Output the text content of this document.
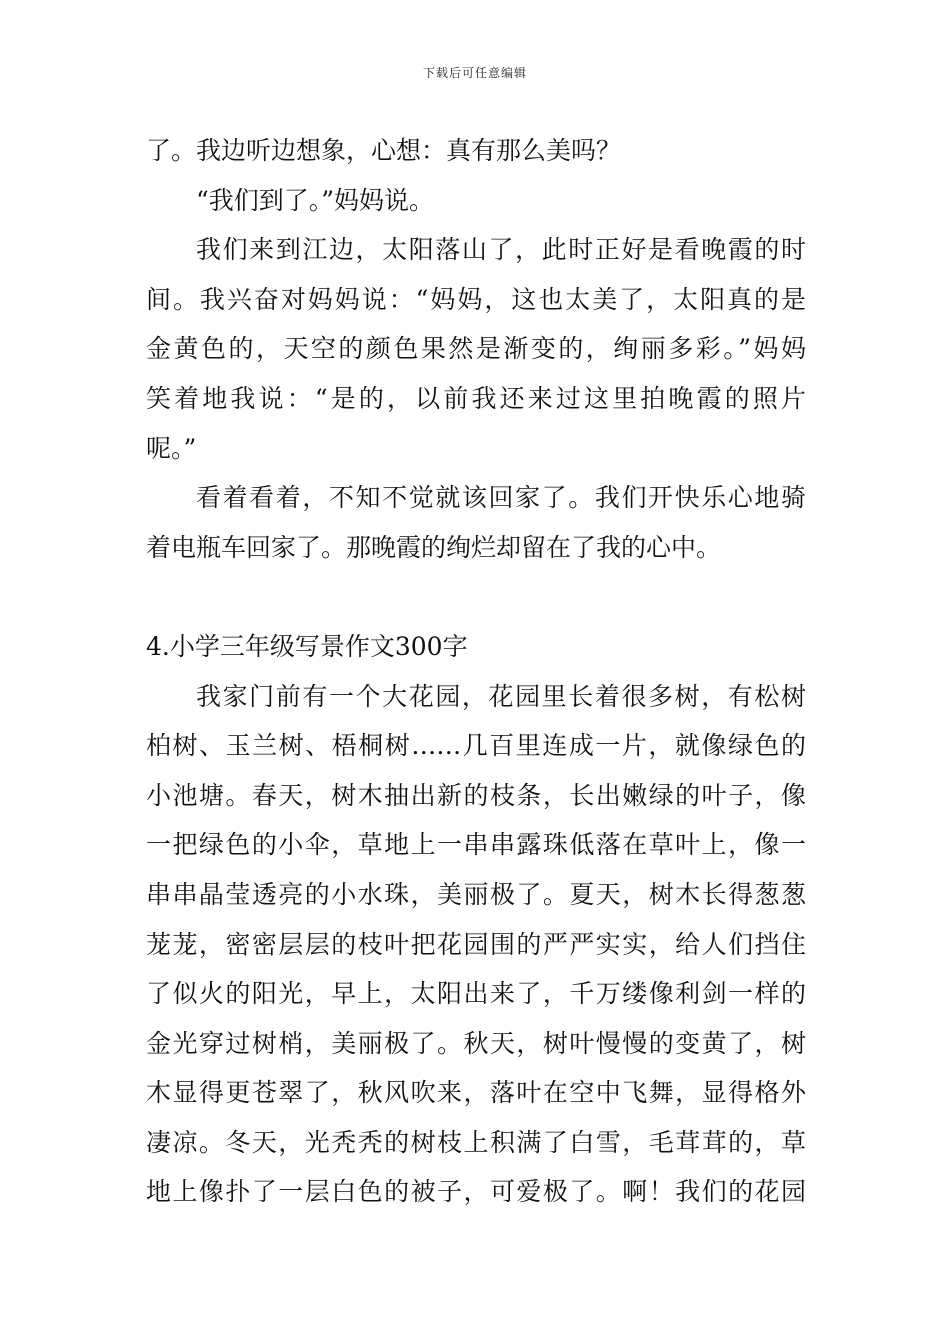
下载后可任意编辑
了。我边听边想象，心想：真有那么美吗？
“我们到了。”妈妈说。
我们来到江边，太阳落山了，此时正好是看晚霞的时
间。我兴奋对妈妈说：“妈妈，这也太美了，太阳真的是
金黄色的，天空的颜色果然是渐变的，绚丽多彩。”妈妈
笑着地我说：“是的，以前我还来过这里拍晚霞的照片
呢。”
看着看着，不知不觉就该回家了。我们开快乐心地骑
着电瓶车回家了。那晚霞的绚烂却留在了我的心中。
4.小学三年级写景作文300字
我家门前有一个大花园，花园里长着很多树，有松树
柏树、玉兰树、梧桐树……几百里连成一片，就像绿色的
小池塘。春天，树木抽出新的枝条，长出嫩绿的叶子，像
一把绿色的小伞，草地上一串串露珠低落在草叶上，像一
串串晶莹透亮的小水珠，美丽极了。夏天，树木长得葱葱
茏茏，密密层层的枝叶把花园围的严严实实，给人们挡住
了似火的阳光，早上，太阳出来了，千万缕像利剑一样的
金光穿过树梢，美丽极了。秋天，树叶慢慢的变黄了，树
木显得更苍翠了，秋风吹来，落叶在空中飞舞，显得格外
凄凉。冬天，光秃秃的树枝上积满了白雪，毛茸茸的，草
地上像扑了一层白色的被子，可爱极了。啊！我们的花园
